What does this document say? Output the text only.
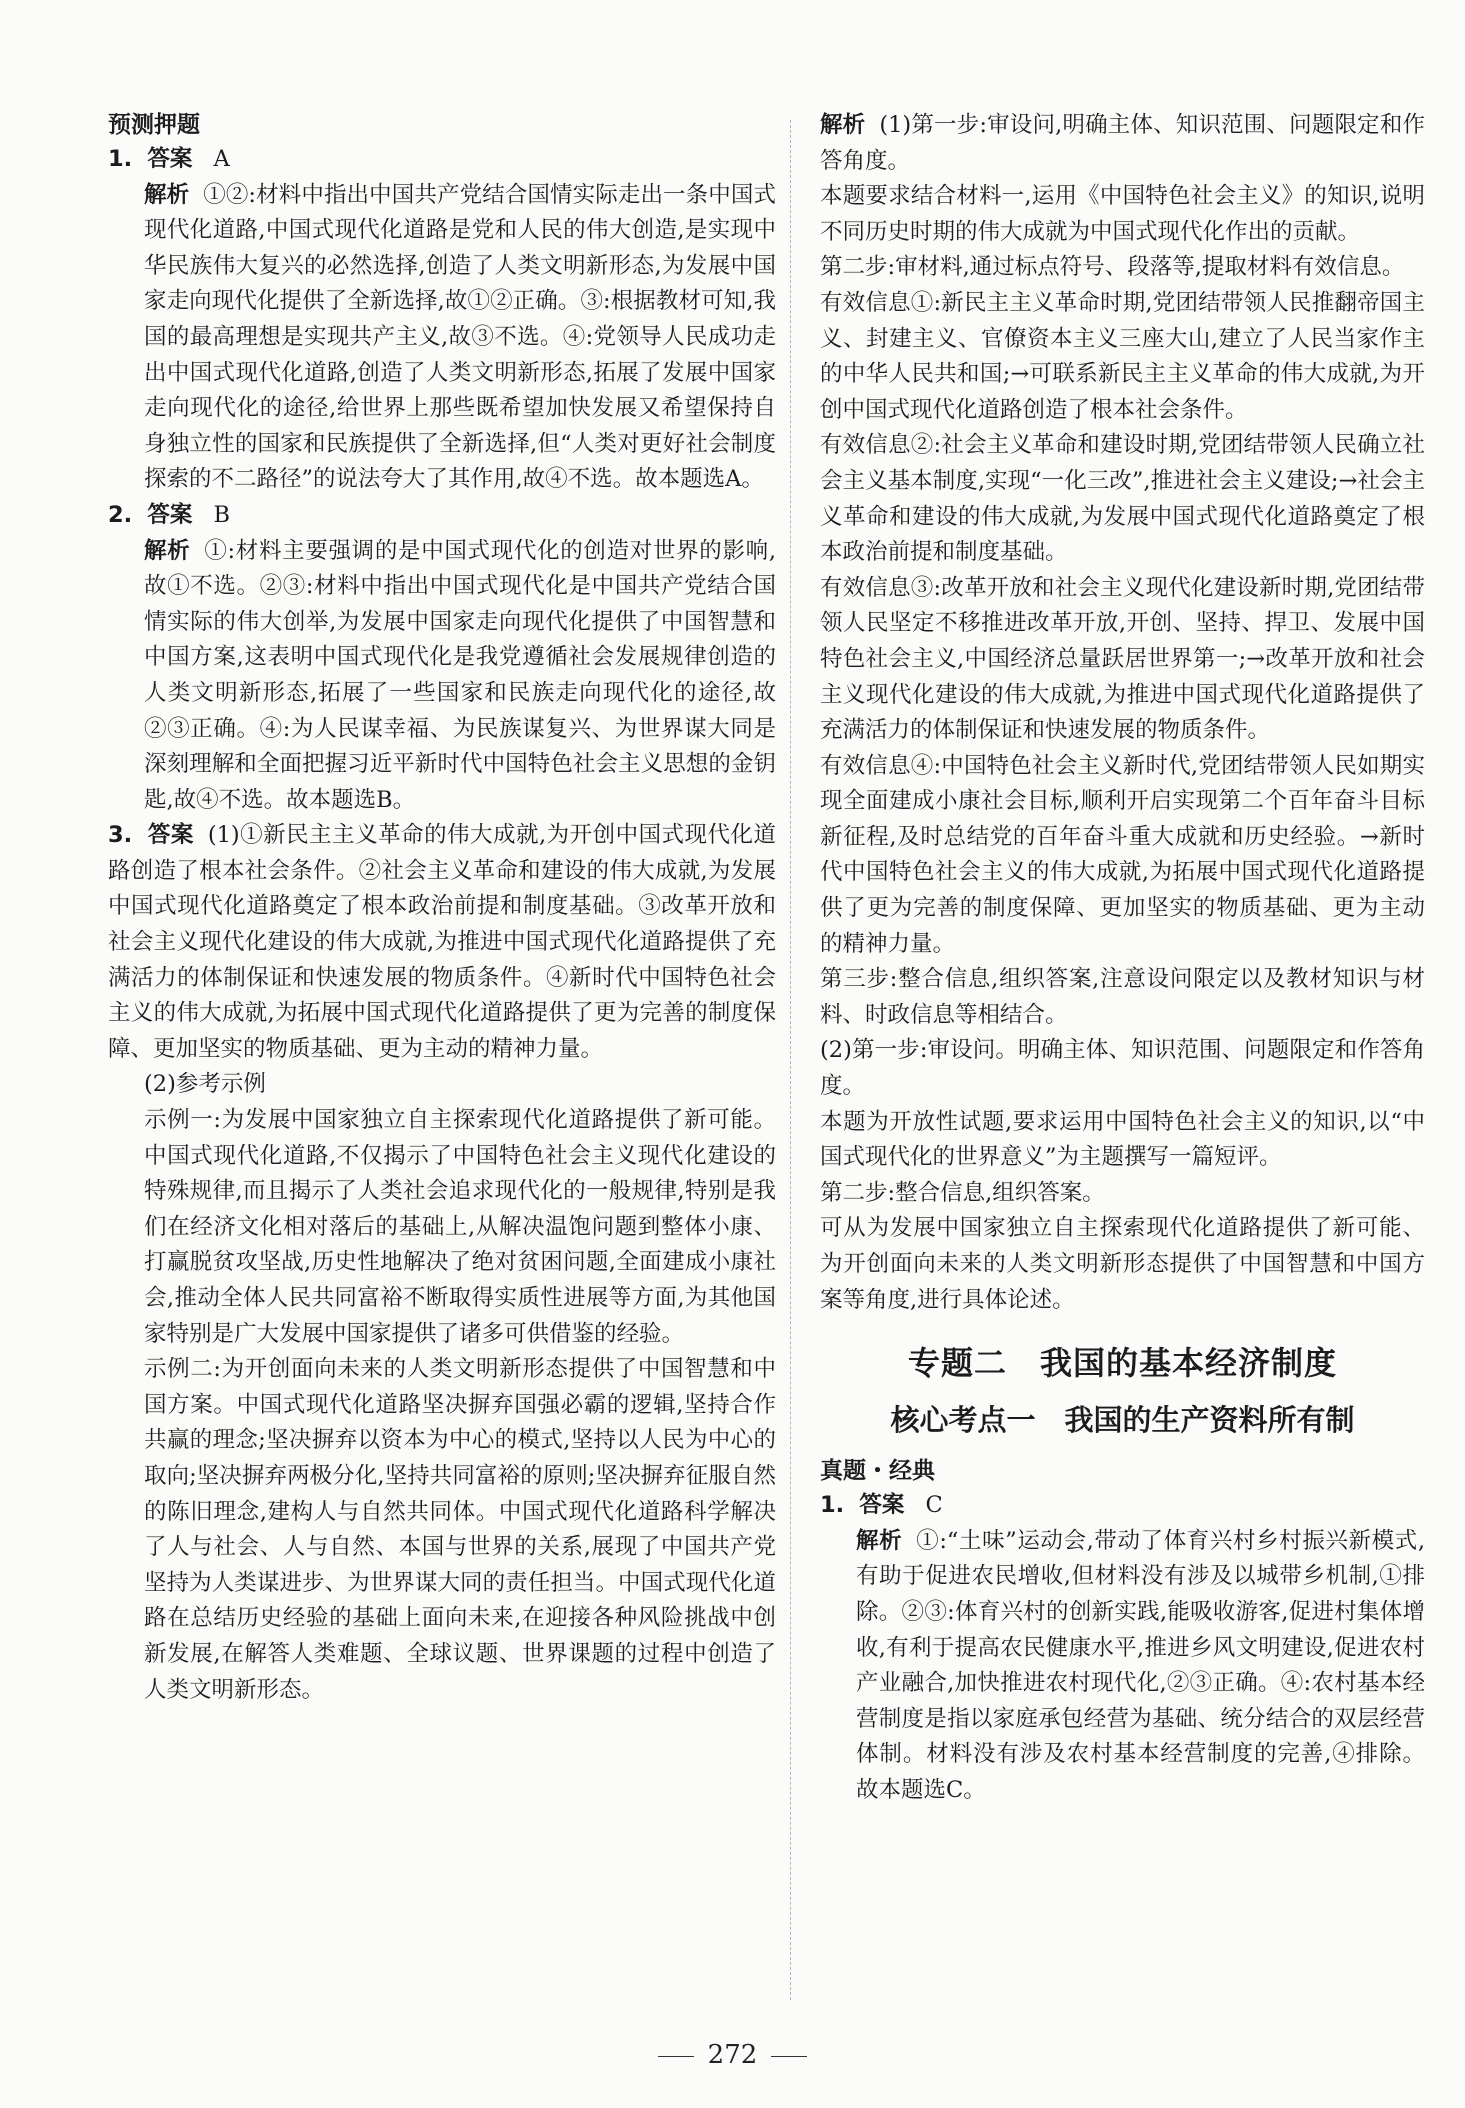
预测押题

1. 答案 A

解析 ①②:材料中指出中国共产党结合国情实际走出一条中国式现代化道路,中国式现代化道路是党和人民的伟大创造,是实现中华民族伟大复兴的必然选择,创造了人类文明新形态,为发展中国家走向现代化提供了全新选择,故①②正确。③:根据教材可知,我国的最高理想是实现共产主义,故③不选。④:党领导人民成功走出中国式现代化道路,创造了人类文明新形态,拓展了发展中国家走向现代化的途径,给世界上那些既希望加快发展又希望保持自身独立性的国家和民族提供了全新选择,但“人类对更好社会制度探索的不二路径”的说法夸大了其作用,故④不选。故本题选A。

2. 答案 B

解析 ①:材料主要强调的是中国式现代化的创造对世界的影响,故①不选。②③:材料中指出中国式现代化是中国共产党结合国情实际的伟大创举,为发展中国家走向现代化提供了中国智慧和中国方案,这表明中国式现代化是我党遵循社会发展规律创造的人类文明新形态,拓展了一些国家和民族走向现代化的途径,故②③正确。④:为人民谋幸福、为民族谋复兴、为世界谋大同是深刻理解和全面把握习近平新时代中国特色社会主义思想的金钥匙,故④不选。故本题选B。

3. 答案 (1)①新民主主义革命的伟大成就,为开创中国式现代化道路创造了根本社会条件。②社会主义革命和建设的伟大成就,为发展中国式现代化道路奠定了根本政治前提和制度基础。③改革开放和社会主义现代化建设的伟大成就,为推进中国式现代化道路提供了充满活力的体制保证和快速发展的物质条件。④新时代中国特色社会主义的伟大成就,为拓展中国式现代化道路提供了更为完善的制度保障、更加坚实的物质基础、更为主动的精神力量。

(2)参考示例

示例一:为发展中国家独立自主探索现代化道路提供了新可能。中国式现代化道路,不仅揭示了中国特色社会主义现代化建设的特殊规律,而且揭示了人类社会追求现代化的一般规律,特别是我们在经济文化相对落后的基础上,从解决温饱问题到整体小康、打赢脱贫攻坚战,历史性地解决了绝对贫困问题,全面建成小康社会,推动全体人民共同富裕不断取得实质性进展等方面,为其他国家特别是广大发展中国家提供了诸多可供借鉴的经验。

示例二:为开创面向未来的人类文明新形态提供了中国智慧和中国方案。中国式现代化道路坚决摒弃国强必霸的逻辑,坚持合作共赢的理念;坚决摒弃以资本为中心的模式,坚持以人民为中心的取向;坚决摒弃两极分化,坚持共同富裕的原则;坚决摒弃征服自然的陈旧理念,建构人与自然共同体。中国式现代化道路科学解决了人与社会、人与自然、本国与世界的关系,展现了中国共产党坚持为人类谋进步、为世界谋大同的责任担当。中国式现代化道路在总结历史经验的基础上面向未来,在迎接各种风险挑战中创新发展,在解答人类难题、全球议题、世界课题的过程中创造了人类文明新形态。

解析 (1)第一步:审设问,明确主体、知识范围、问题限定和作答角度。

本题要求结合材料一,运用《中国特色社会主义》的知识,说明不同历史时期的伟大成就为中国式现代化作出的贡献。

第二步:审材料,通过标点符号、段落等,提取材料有效信息。

有效信息①:新民主主义革命时期,党团结带领人民推翻帝国主义、封建主义、官僚资本主义三座大山,建立了人民当家作主的中华人民共和国;→可联系新民主主义革命的伟大成就,为开创中国式现代化道路创造了根本社会条件。

有效信息②:社会主义革命和建设时期,党团结带领人民确立社会主义基本制度,实现“一化三改”,推进社会主义建设;→社会主义革命和建设的伟大成就,为发展中国式现代化道路奠定了根本政治前提和制度基础。

有效信息③:改革开放和社会主义现代化建设新时期,党团结带领人民坚定不移推进改革开放,开创、坚持、捍卫、发展中国特色社会主义,中国经济总量跃居世界第一;→改革开放和社会主义现代化建设的伟大成就,为推进中国式现代化道路提供了充满活力的体制保证和快速发展的物质条件。

有效信息④:中国特色社会主义新时代,党团结带领人民如期实现全面建成小康社会目标,顺利开启实现第二个百年奋斗目标新征程,及时总结党的百年奋斗重大成就和历史经验。→新时代中国特色社会主义的伟大成就,为拓展中国式现代化道路提供了更为完善的制度保障、更加坚实的物质基础、更为主动的精神力量。

第三步:整合信息,组织答案,注意设问限定以及教材知识与材料、时政信息等相结合。

(2)第一步:审设问。明确主体、知识范围、问题限定和作答角度。

本题为开放性试题,要求运用中国特色社会主义的知识,以“中国式现代化的世界意义”为主题撰写一篇短评。

第二步:整合信息,组织答案。

可从为发展中国家独立自主探索现代化道路提供了新可能、为开创面向未来的人类文明新形态提供了中国智慧和中国方案等角度,进行具体论述。

专题二　我国的基本经济制度

核心考点一　我国的生产资料所有制

真题・经典

1. 答案 C

解析 ①:“土味”运动会,带动了体育兴村乡村振兴新模式,有助于促进农民增收,但材料没有涉及以城带乡机制,①排除。②③:体育兴村的创新实践,能吸收游客,促进村集体增收,有利于提高农民健康水平,推进乡风文明建设,促进农村产业融合,加快推进农村现代化,②③正确。④:农村基本经营制度是指以家庭承包经营为基础、统分结合的双层经营体制。材料没有涉及农村基本经营制度的完善,④排除。故本题选C。

272
